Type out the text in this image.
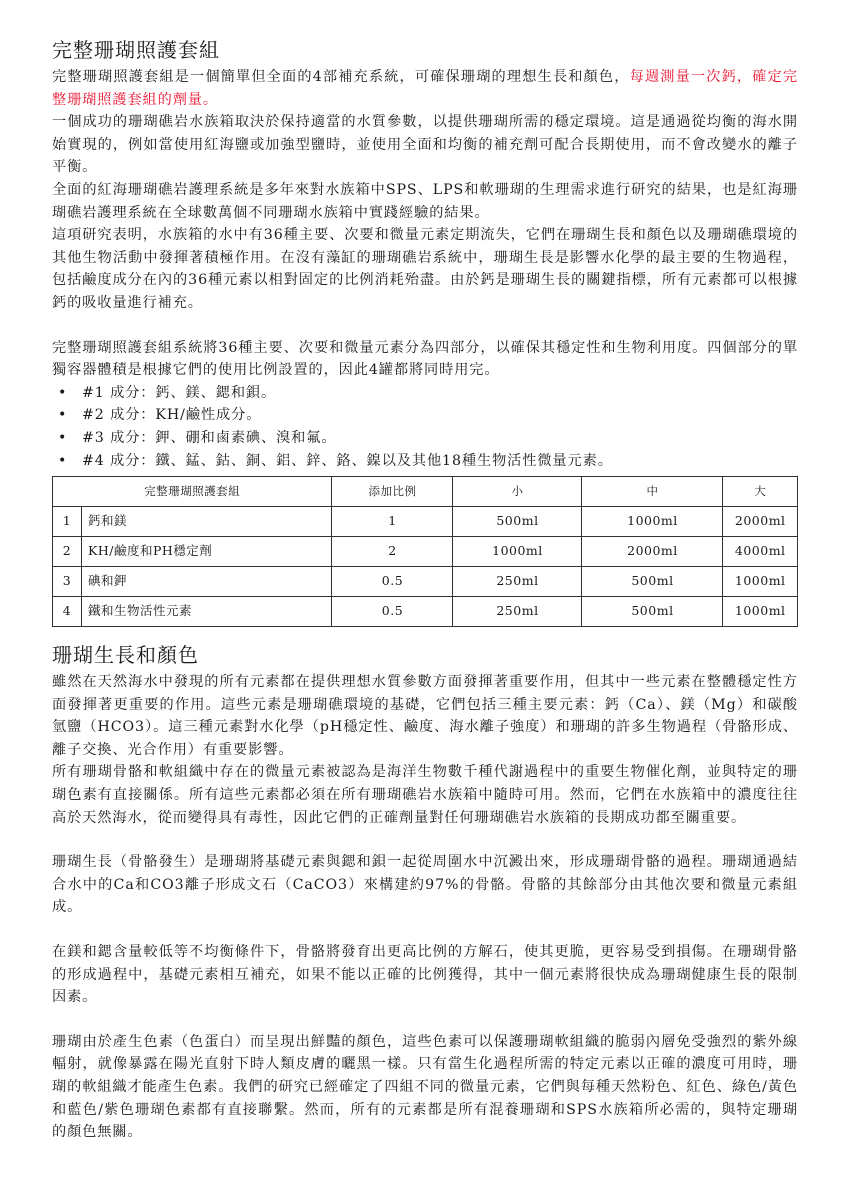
完整珊瑚照護套組

完整珊瑚照護套組是一個簡單但全面的4部補充系統，可確保珊瑚的理想生長和顏色，每週測量一次鈣，確定完整珊瑚照護套組的劑量。

一個成功的珊瑚礁岩水族箱取決於保持適當的水質參數，以提供珊瑚所需的穩定環境。這是通過從均衡的海水開始實現的，例如當使用紅海鹽或加強型鹽時，並使用全面和均衡的補充劑可配合長期使用，而不會改變水的離子平衡。

全面的紅海珊瑚礁岩護理系統是多年來對水族箱中SPS、LPS和軟珊瑚的生理需求進行研究的結果，也是紅海珊瑚礁岩護理系統在全球數萬個不同珊瑚水族箱中實踐經驗的結果。

這項研究表明，水族箱的水中有36種主要、次要和微量元素定期流失，它們在珊瑚生長和顏色以及珊瑚礁環境的其他生物活動中發揮著積極作用。在沒有藻缸的珊瑚礁岩系統中，珊瑚生長是影響水化學的最主要的生物過程，包括鹼度成分在內的36種元素以相對固定的比例消耗殆盡。由於鈣是珊瑚生長的關鍵指標，所有元素都可以根據鈣的吸收量進行補充。

完整珊瑚照護套組系統將36種主要、次要和微量元素分為四部分，以確保其穩定性和生物利用度。四個部分的單獨容器體積是根據它們的使用比例設置的，因此4罐都將同時用完。

• #1 成分：鈣、鎂、鍶和鋇。
• #2 成分：KH/鹼性成分。
• #3 成分：鉀、硼和鹵素碘、溴和氟。
• #4 成分：鐵、錳、鈷、銅、鋁、鋅、鉻、鎳以及其他18種生物活性微量元素。
完整珊瑚照護套組		添加比例	小	中	大
1	鈣和鎂	1	500ml	1000ml	2000ml
2	KH/鹼度和PH穩定劑	2	1000ml	2000ml	4000ml
3	碘和鉀	0.5	250ml	500ml	1000ml
4	鐵和生物活性元素	0.5	250ml	500ml	1000ml
珊瑚生長和顏色

雖然在天然海水中發現的所有元素都在提供理想水質參數方面發揮著重要作用，但其中一些元素在整體穩定性方面發揮著更重要的作用。這些元素是珊瑚礁環境的基礎，它們包括三種主要元素：鈣（Ca）、鎂（Mg）和碳酸氫鹽（HCO3）。這三種元素對水化學（pH穩定性、鹼度、海水離子強度）和珊瑚的許多生物過程（骨骼形成、離子交換、光合作用）有重要影響。

所有珊瑚骨骼和軟組織中存在的微量元素被認為是海洋生物數千種代謝過程中的重要生物催化劑，並與特定的珊瑚色素有直接關係。所有這些元素都必須在所有珊瑚礁岩水族箱中隨時可用。然而，它們在水族箱中的濃度往往高於天然海水，從而變得具有毒性，因此它們的正確劑量對任何珊瑚礁岩水族箱的長期成功都至關重要。

珊瑚生長（骨骼發生）是珊瑚將基礎元素與鍶和鋇一起從周圍水中沉澱出來，形成珊瑚骨骼的過程。珊瑚通過結合水中的Ca和CO3離子形成文石（CaCO3）來構建約97%的骨骼。骨骼的其餘部分由其他次要和微量元素組成。

在鎂和鍶含量較低等不均衡條件下，骨骼將發育出更高比例的方解石，使其更脆，更容易受到損傷。在珊瑚骨骼的形成過程中，基礎元素相互補充，如果不能以正確的比例獲得，其中一個元素將很快成為珊瑚健康生長的限制因素。

珊瑚由於產生色素（色蛋白）而呈現出鮮豔的顏色，這些色素可以保護珊瑚軟組織的脆弱內層免受強烈的紫外線輻射，就像暴露在陽光直射下時人類皮膚的曬黑一樣。只有當生化過程所需的特定元素以正確的濃度可用時，珊瑚的軟組織才能產生色素。我們的研究已經確定了四組不同的微量元素，它們與每種天然粉色、紅色、綠色/黃色和藍色/紫色珊瑚色素都有直接聯繫。然而，所有的元素都是所有混養珊瑚和SPS水族箱所必需的，與特定珊瑚的顏色無關。
